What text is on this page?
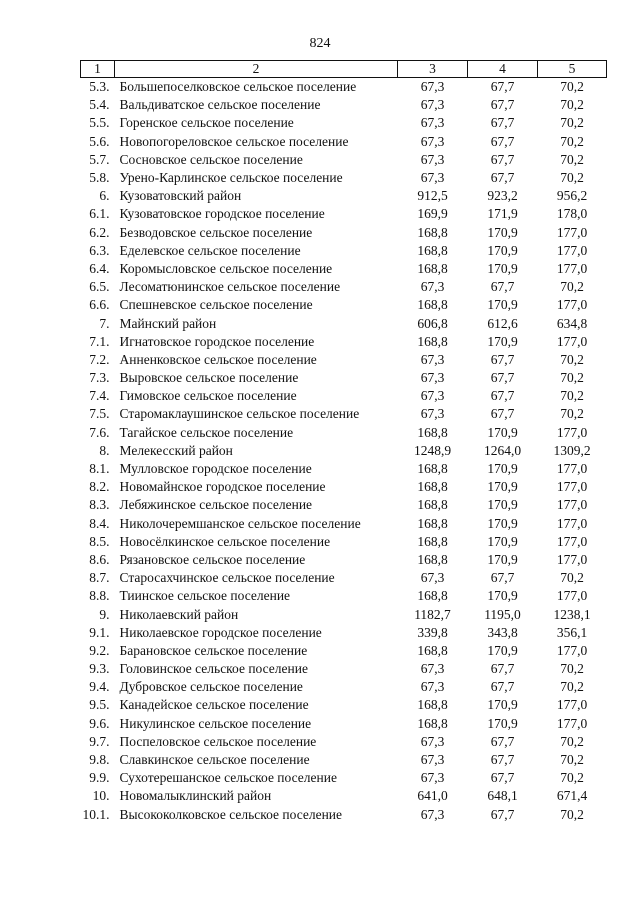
824
1	2	3	4	5
5.3.	Большепоселковское сельское поселение	67,3	67,7	70,2
5.4.	Вальдиватское сельское поселение	67,3	67,7	70,2
5.5.	Горенское сельское поселение	67,3	67,7	70,2
5.6.	Новопогореловское сельское поселение	67,3	67,7	70,2
5.7.	Сосновское сельское поселение	67,3	67,7	70,2
5.8.	Урено-Карлинское сельское поселение	67,3	67,7	70,2
6.	Кузоватовский район	912,5	923,2	956,2
6.1.	Кузоватовское городское поселение	169,9	171,9	178,0
6.2.	Безводовское сельское поселение	168,8	170,9	177,0
6.3.	Еделевское сельское поселение	168,8	170,9	177,0
6.4.	Коромысловское сельское поселение	168,8	170,9	177,0
6.5.	Лесоматюнинское сельское поселение	67,3	67,7	70,2
6.6.	Спешневское сельское поселение	168,8	170,9	177,0
7.	Майнский район	606,8	612,6	634,8
7.1.	Игнатовское городское поселение	168,8	170,9	177,0
7.2.	Анненковское сельское поселение	67,3	67,7	70,2
7.3.	Выровское сельское поселение	67,3	67,7	70,2
7.4.	Гимовское сельское поселение	67,3	67,7	70,2
7.5.	Старомаклаушинское сельское поселение	67,3	67,7	70,2
7.6.	Тагайское сельское поселение	168,8	170,9	177,0
8.	Мелекесский район	1248,9	1264,0	1309,2
8.1.	Мулловское городское поселение	168,8	170,9	177,0
8.2.	Новомайнское городское поселение	168,8	170,9	177,0
8.3.	Лебяжинское сельское поселение	168,8	170,9	177,0
8.4.	Николочеремшанское сельское поселение	168,8	170,9	177,0
8.5.	Новосёлкинское сельское поселение	168,8	170,9	177,0
8.6.	Рязановское сельское поселение	168,8	170,9	177,0
8.7.	Старосахчинское сельское поселение	67,3	67,7	70,2
8.8.	Тиинское сельское поселение	168,8	170,9	177,0
9.	Николаевский район	1182,7	1195,0	1238,1
9.1.	Николаевское городское поселение	339,8	343,8	356,1
9.2.	Барановское сельское поселение	168,8	170,9	177,0
9.3.	Головинское сельское поселение	67,3	67,7	70,2
9.4.	Дубровское сельское поселение	67,3	67,7	70,2
9.5.	Канадейское сельское поселение	168,8	170,9	177,0
9.6.	Никулинское сельское поселение	168,8	170,9	177,0
9.7.	Поспеловское сельское поселение	67,3	67,7	70,2
9.8.	Славкинское сельское поселение	67,3	67,7	70,2
9.9.	Сухотерешанское сельское поселение	67,3	67,7	70,2
10.	Новомалыклинский район	641,0	648,1	671,4
10.1.	Высококолковское сельское поселение	67,3	67,7	70,2
